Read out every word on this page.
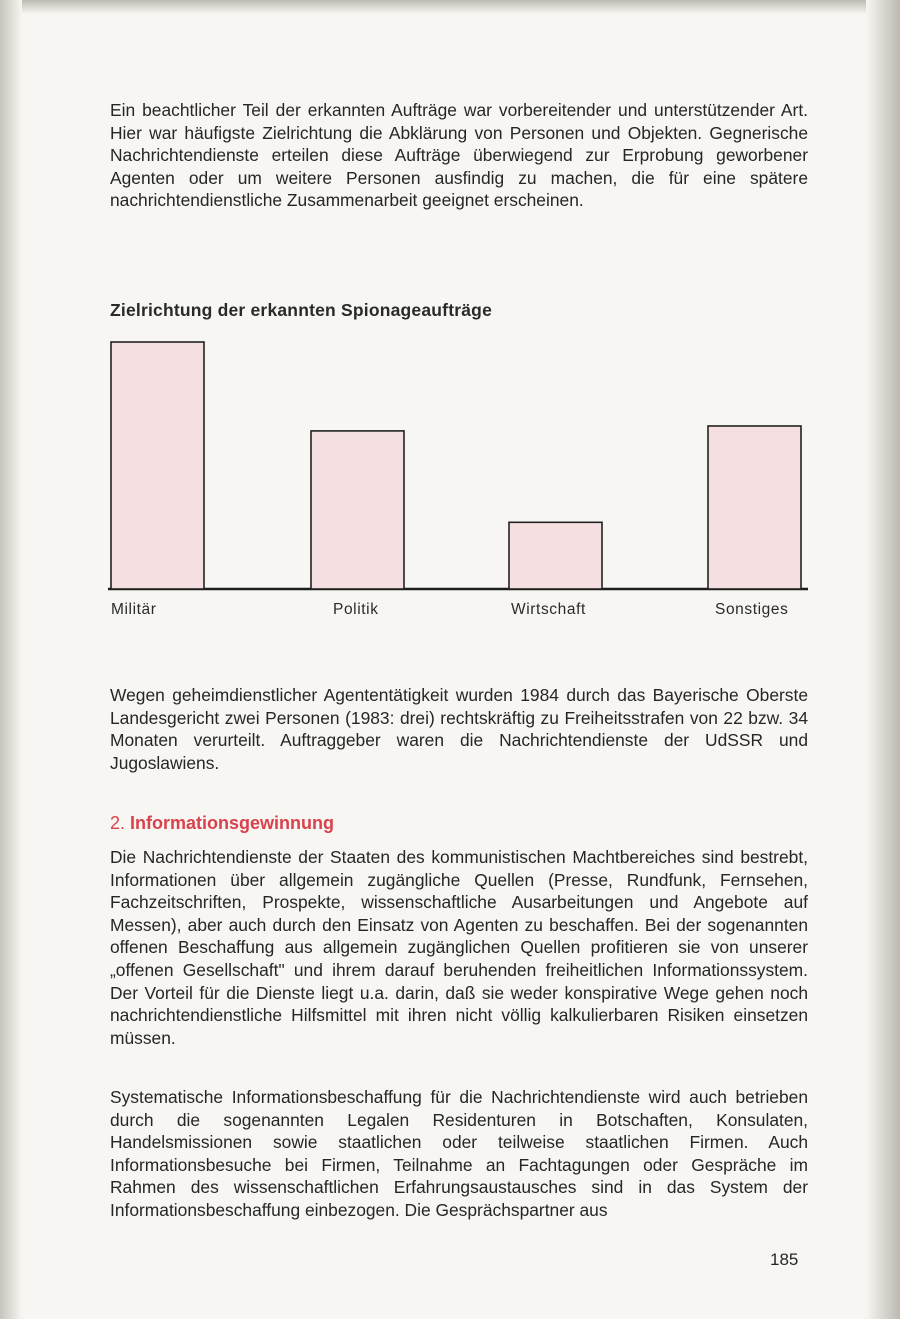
Ein beachtlicher Teil der erkannten Aufträge war vorbereitender und unterstützender Art. Hier war häufigste Zielrichtung die Abklärung von Personen und Objekten. Gegnerische Nachrichtendienste erteilen diese Aufträge überwiegend zur Erprobung geworbener Agenten oder um weitere Personen ausfindig zu machen, die für eine spätere nachrichtendienstliche Zusammenarbeit geeignet erscheinen.

Zielrichtung der erkannten Spionageaufträge
Militär	Politik	Wirtschaft	Sonstiges

Wegen geheimdienstlicher Agententätigkeit wurden 1984 durch das Bayerische Oberste Landesgericht zwei Personen (1983: drei) rechtskräftig zu Freiheitsstrafen von 22 bzw. 34 Monaten verurteilt. Auftraggeber waren die Nachrichtendienste der UdSSR und Jugoslawiens.

2. Informationsgewinnung

Die Nachrichtendienste der Staaten des kommunistischen Machtbereiches sind bestrebt, Informationen über allgemein zugängliche Quellen (Presse, Rundfunk, Fernsehen, Fachzeitschriften, Prospekte, wissenschaftliche Ausarbeitungen und Angebote auf Messen), aber auch durch den Einsatz von Agenten zu beschaffen. Bei der sogenannten offenen Beschaffung aus allgemein zugänglichen Quellen profitieren sie von unserer „offenen Gesellschaft" und ihrem darauf beruhenden freiheitlichen Informationssystem. Der Vorteil für die Dienste liegt u.a. darin, daß sie weder konspirative Wege gehen noch nachrichtendienstliche Hilfsmittel mit ihren nicht völlig kalkulierbaren Risiken einsetzen müssen.

Systematische Informationsbeschaffung für die Nachrichtendienste wird auch betrieben durch die sogenannten Legalen Residenturen in Botschaften, Konsulaten, Handelsmissionen sowie staatlichen oder teilweise staatlichen Firmen. Auch Informationsbesuche bei Firmen, Teilnahme an Fachtagungen oder Gespräche im Rahmen des wissenschaftlichen Erfahrungsaustausches sind in das System der Informationsbeschaffung einbezogen. Die Gesprächspartner aus

185
